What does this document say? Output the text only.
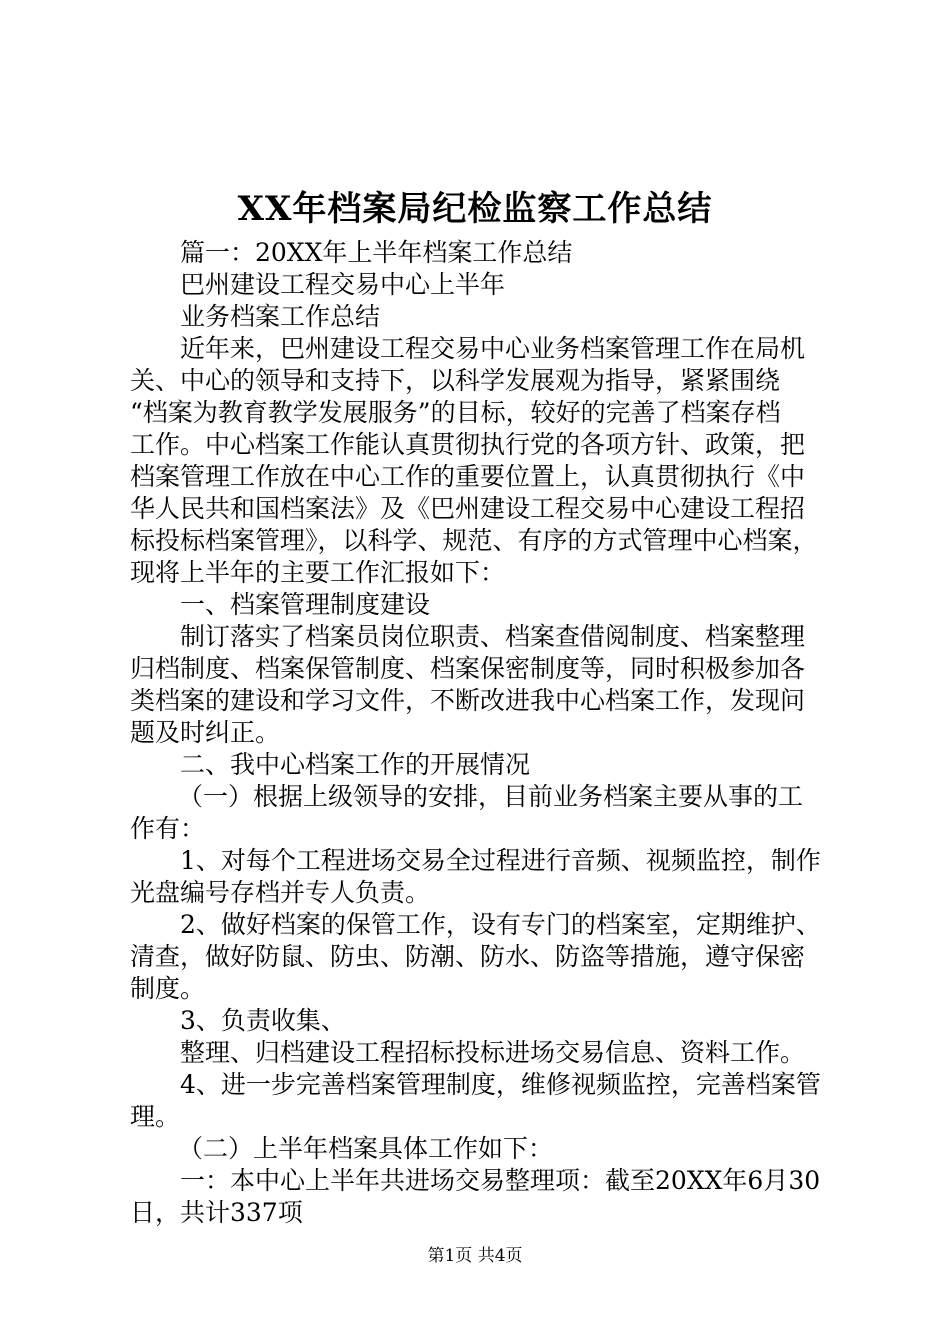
XX年档案局纪检监察工作总结
篇一：20XX年上半年档案工作总结
巴州建设工程交易中心上半年
业务档案工作总结
近年来，巴州建设工程交易中心业务档案管理工作在局机
关、中心的领导和支持下，以科学发展观为指导，紧紧围绕
“档案为教育教学发展服务”的目标，较好的完善了档案存档
工作。中心档案工作能认真贯彻执行党的各项方针、政策，把
档案管理工作放在中心工作的重要位置上，认真贯彻执行《中
华人民共和国档案法》及《巴州建设工程交易中心建设工程招
标投标档案管理》，以科学、规范、有序的方式管理中心档案，
现将上半年的主要工作汇报如下：
一、档案管理制度建设
制订落实了档案员岗位职责、档案查借阅制度、档案整理
归档制度、档案保管制度、档案保密制度等，同时积极参加各
类档案的建设和学习文件，不断改进我中心档案工作，发现问
题及时纠正。
二、我中心档案工作的开展情况
（一）根据上级领导的安排，目前业务档案主要从事的工
作有：
1、对每个工程进场交易全过程进行音频、视频监控，制作
光盘编号存档并专人负责。
2、做好档案的保管工作，设有专门的档案室，定期维护、
清查，做好防鼠、防虫、防潮、防水、防盗等措施，遵守保密
制度。
3、负责收集、
整理、归档建设工程招标投标进场交易信息、资料工作。
4、进一步完善档案管理制度，维修视频监控，完善档案管
理。
（二）上半年档案具体工作如下：
一：本中心上半年共进场交易整理项：截至20XX年6月30
日，共计337项
第1页 共4页
